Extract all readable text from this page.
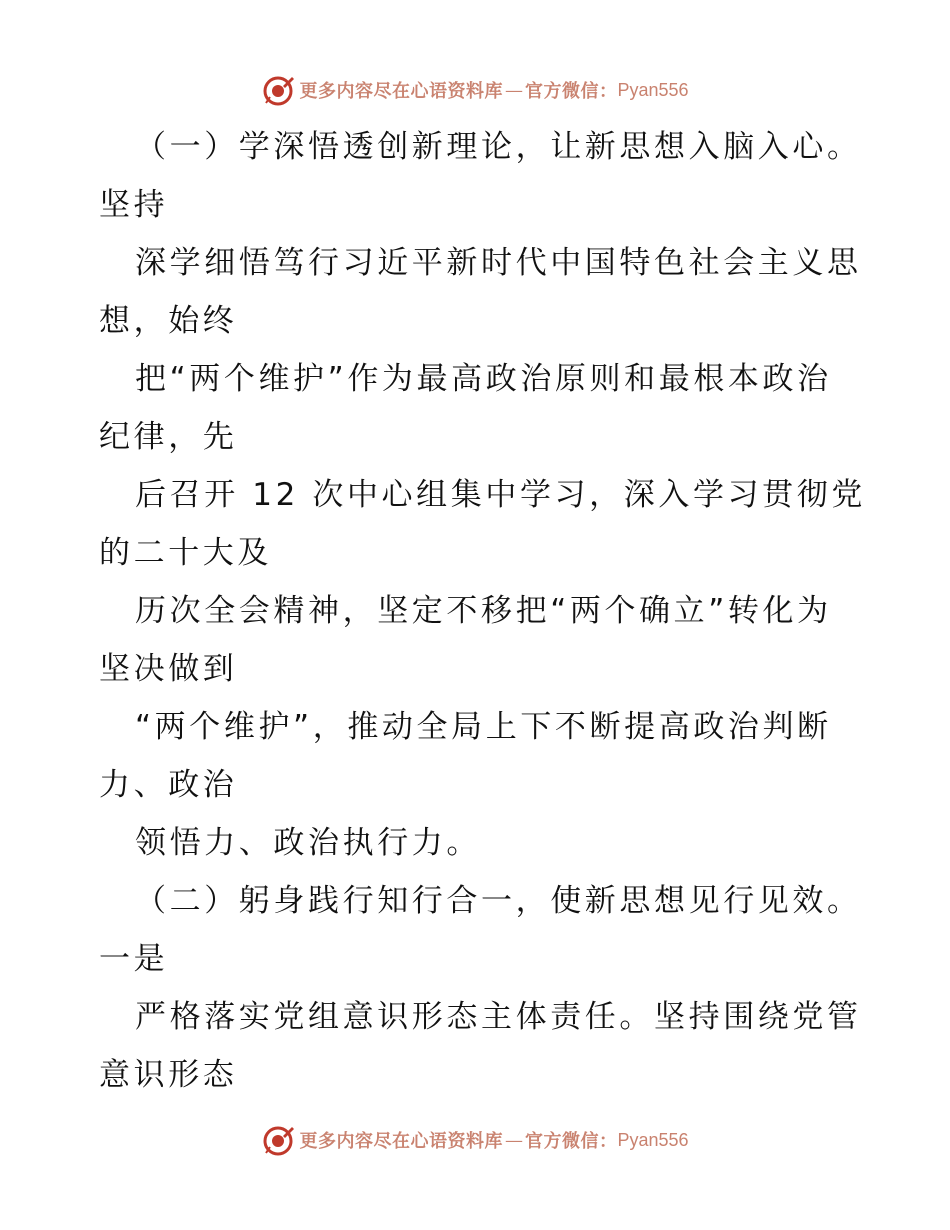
更多内容尽在心语资料库 — 官方微信： Pyan556
（一）学深悟透创新理论，让新思想入脑入心。
坚持
深学细悟笃行习近平新时代中国特色社会主义思
想，始终
把“两个维护”作为最高政治原则和最根本政治
纪律，先
后召开 12 次中心组集中学习，深入学习贯彻党
的二十大及
历次全会精神，坚定不移把“两个确立”转化为
坚决做到
“两个维护”，推动全局上下不断提高政治判断
力、政治
领悟力、政治执行力。
（二）躬身践行知行合一，使新思想见行见效。
一是
严格落实党组意识形态主体责任。坚持围绕党管
意识形态
更多内容尽在心语资料库 — 官方微信： Pyan556
